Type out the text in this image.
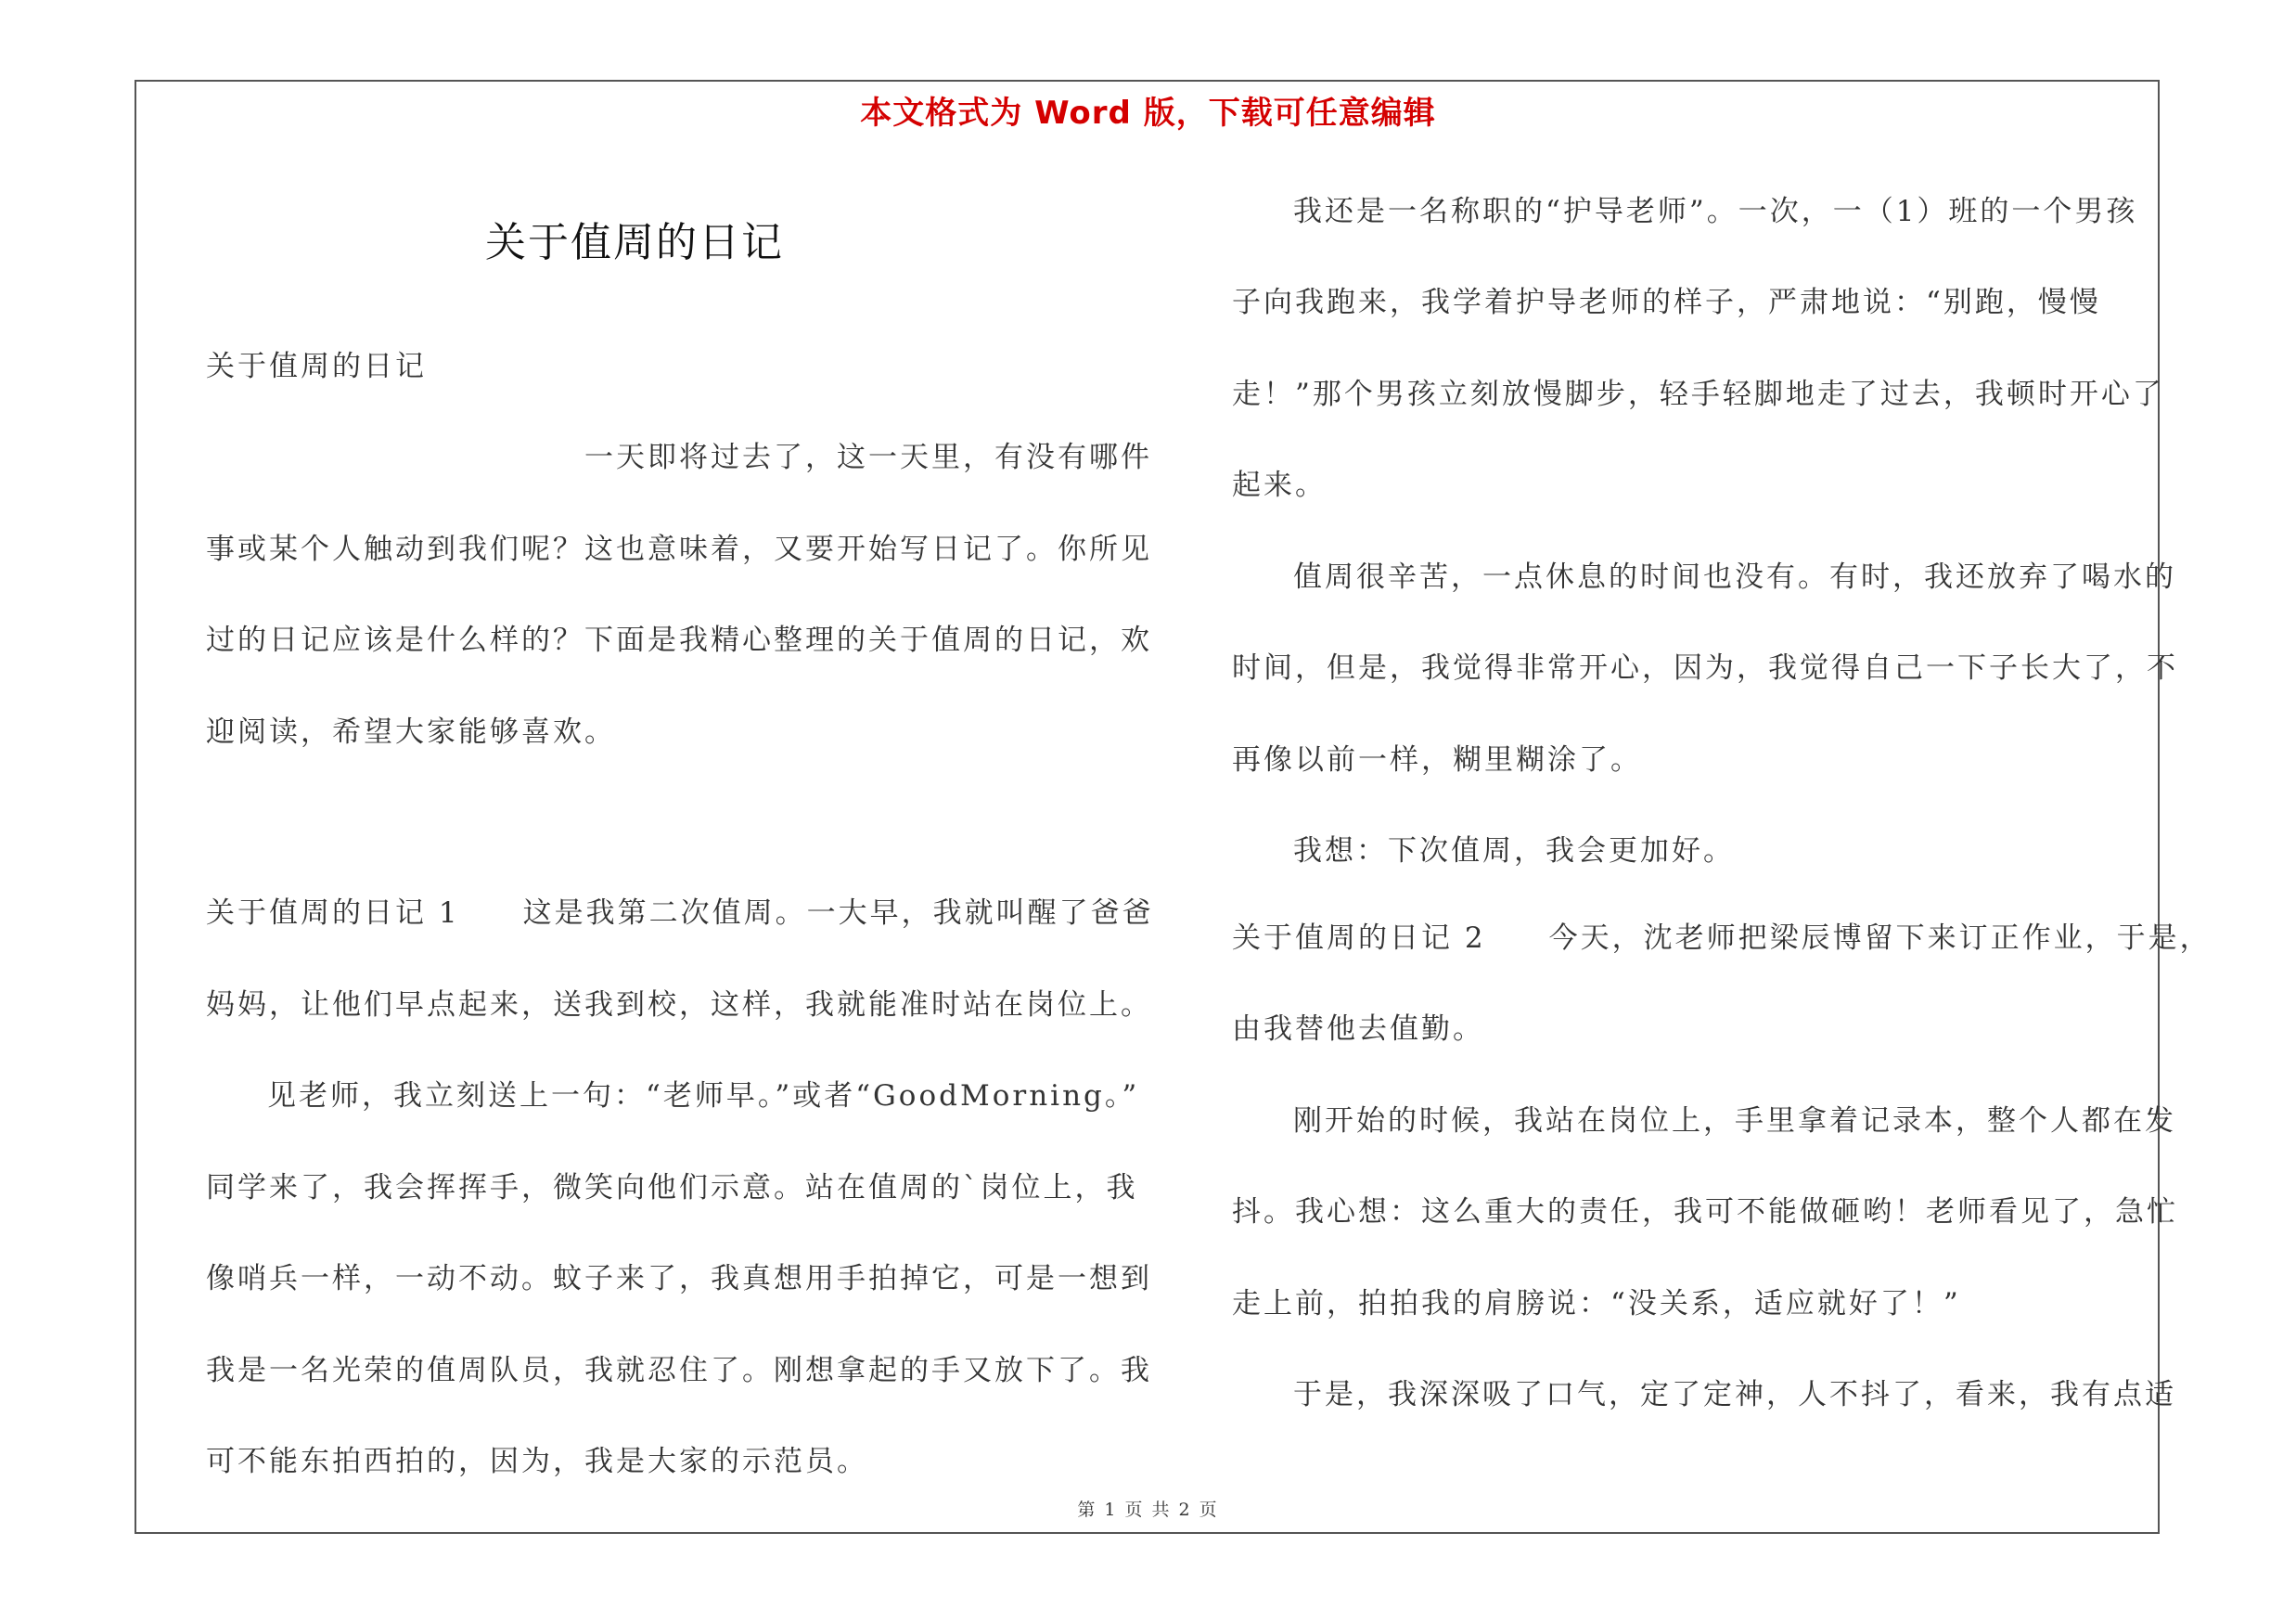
本文格式为 Word 版，下载可任意编辑
关于值周的日记
关于值周的日记
一天即将过去了，这一天里，有没有哪件
事或某个人触动到我们呢？这也意味着，又要开始写日记了。你所见
过的日记应该是什么样的？下面是我精心整理的关于值周的日记，欢
迎阅读，希望大家能够喜欢。
关于值周的日记 1　　这是我第二次值周。一大早，我就叫醒了爸爸
妈妈，让他们早点起来，送我到校，这样，我就能准时站在岗位上。
见老师，我立刻送上一句：“老师早。”或者“GoodMorning。”
同学来了，我会挥挥手，微笑向他们示意。站在值周的`岗位上，我
像哨兵一样，一动不动。蚊子来了，我真想用手拍掉它，可是一想到
我是一名光荣的值周队员，我就忍住了。刚想拿起的手又放下了。我
可不能东拍西拍的，因为，我是大家的示范员。
我还是一名称职的“护导老师”。一次，一（1）班的一个男孩
子向我跑来，我学着护导老师的样子，严肃地说：“别跑，慢慢
走！”那个男孩立刻放慢脚步，轻手轻脚地走了过去，我顿时开心了
起来。
值周很辛苦，一点休息的时间也没有。有时，我还放弃了喝水的
时间，但是，我觉得非常开心，因为，我觉得自己一下子长大了，不
再像以前一样，糊里糊涂了。
我想：下次值周，我会更加好。
关于值周的日记 2　　今天，沈老师把梁辰博留下来订正作业，于是，
由我替他去值勤。
刚开始的时候，我站在岗位上，手里拿着记录本，整个人都在发
抖。我心想：这么重大的责任，我可不能做砸哟！老师看见了，急忙
走上前，拍拍我的肩膀说：“没关系，适应就好了！”
于是，我深深吸了口气，定了定神，人不抖了，看来，我有点适
第 1 页 共 2 页
